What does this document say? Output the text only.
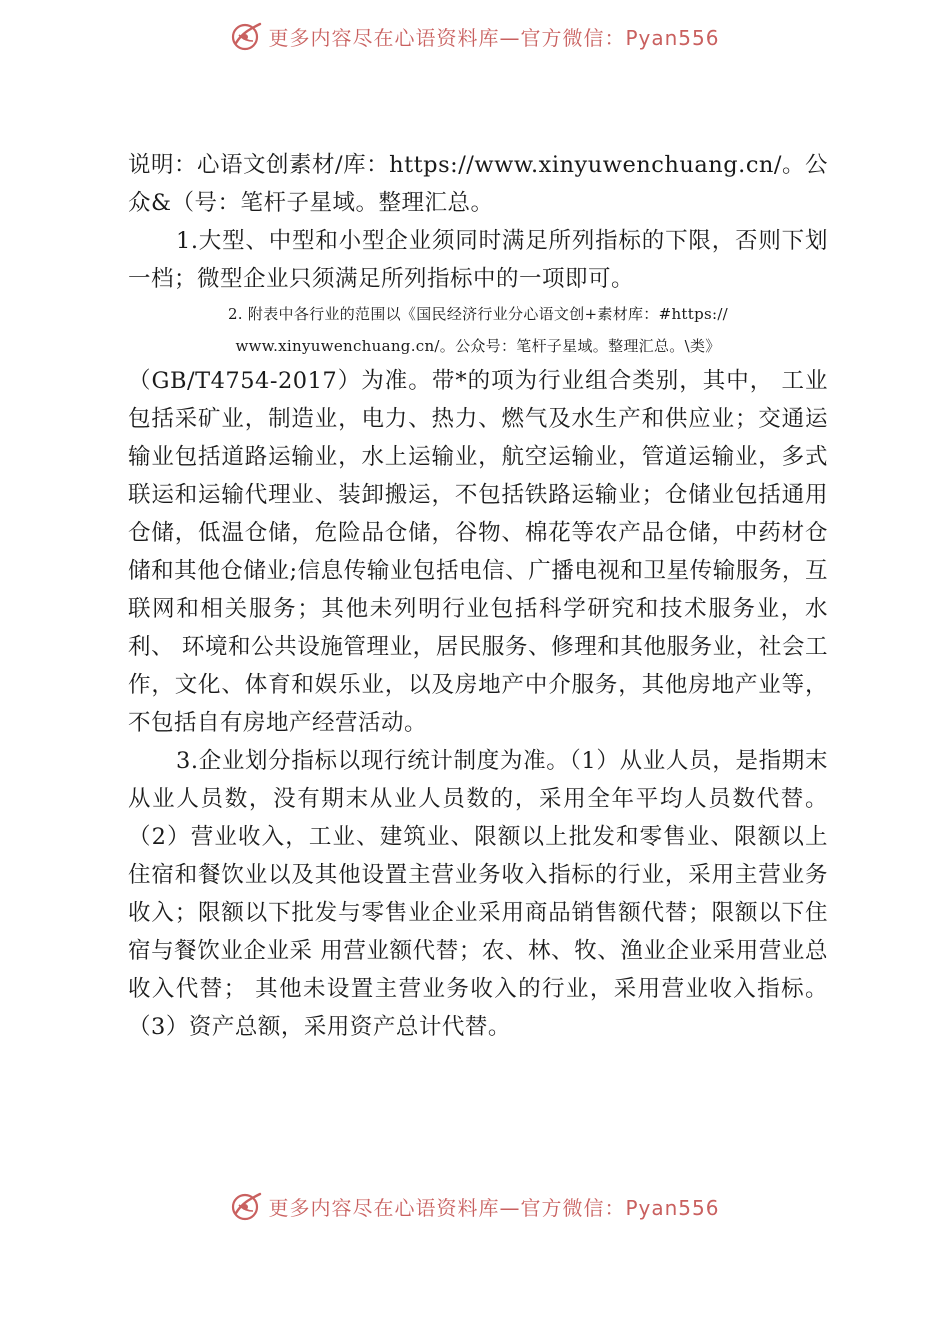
更多内容尽在心语资料库—官方微信：Pyan556

说明：心语文创素材/库：https://www.xinyuwenchuang.cn/。公众&（号：笔杆子星域。整理汇总。

1.大型、中型和小型企业须同时满足所列指标的下限，否则下划一档；微型企业只须满足所列指标中的一项即可。

2. 附表中各行业的范围以《国民经济行业分心语文创+素材库：#https://

www.xinyuwenchuang.cn/。公众号：笔杆子星域。整理汇总。\类》

（GB/T4754-2017）为准。带*的项为行业组合类别，其中， 工业包括采矿业，制造业，电力、热力、燃气及水生产和供应业；交通运输业包括道路运输业，水上运输业，航空运输业，管道运输业，多式联运和运输代理业、装卸搬运，不包括铁路运输业；仓储业包括通用仓储，低温仓储，危险品仓储，谷物、棉花等农产品仓储，中药材仓储和其他仓储业;信息传输业包括电信、广播电视和卫星传输服务，互联网和相关服务；其他未列明行业包括科学研究和技术服务业，水利、 环境和公共设施管理业，居民服务、修理和其他服务业，社会工作，文化、体育和娱乐业，以及房地产中介服务，其他房地产业等，不包括自有房地产经营活动。

3.企业划分指标以现行统计制度为准。（1）从业人员，是指期末从业人员数，没有期末从业人员数的，采用全年平均人员数代替。（2）营业收入，工业、建筑业、限额以上批发和零售业、限额以上住宿和餐饮业以及其他设置主营业务收入指标的行业，采用主营业务收入；限额以下批发与零售业企业采用商品销售额代替；限额以下住宿与餐饮业企业采 用营业额代替；农、林、牧、渔业企业采用营业总收入代替； 其他未设置主营业务收入的行业，采用营业收入指标。（3）资产总额，采用资产总计代替。

更多内容尽在心语资料库—官方微信：Pyan556
